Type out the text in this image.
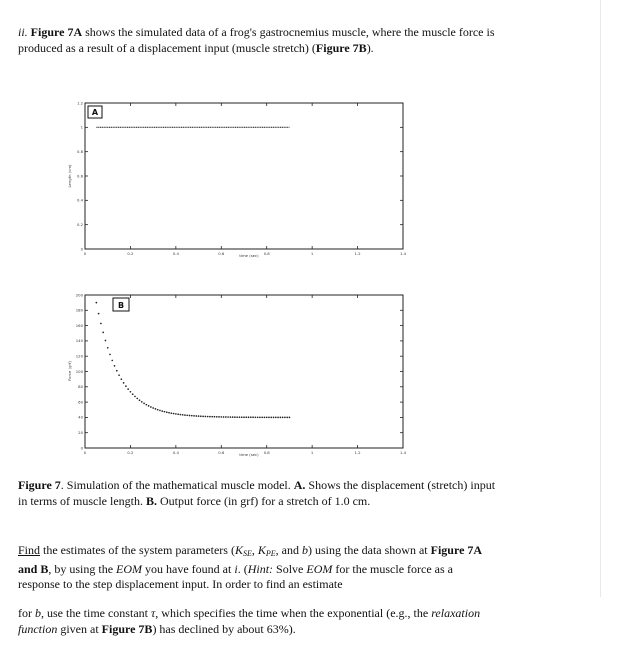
ii. Figure 7A shows the simulated data of a frog's gastrocnemius muscle, where the muscle force is produced as a result of a displacement input (muscle stretch) (Figure 7B).

0	0.2	0.4	0.6	0.8	1	1.2	1.4
0
0.2
0.4
0.6
0.8
1
1.2
time (sec)
Length (cm)
A
0	0.2	0.4	0.6	0.8	1	1.2	1.4
0
20
40
60
80
100
120
140
160
180
200
time (sec)
Force (grf)
B

Figure 7. Simulation of the mathematical muscle model. A. Shows the displacement (stretch) input in terms of muscle length. B. Output force (in grf) for a stretch of 1.0 cm.

Find the estimates of the system parameters (KSE, KPE, and b) using the data shown at Figure 7A and B, by using the EOM you have found at i. (Hint: Solve EOM for the muscle force as a response to the step displacement input. In order to find an estimate

for b, use the time constant τ, which specifies the time when the exponential (e.g., the relaxation function given at Figure 7B) has declined by about 63%).
